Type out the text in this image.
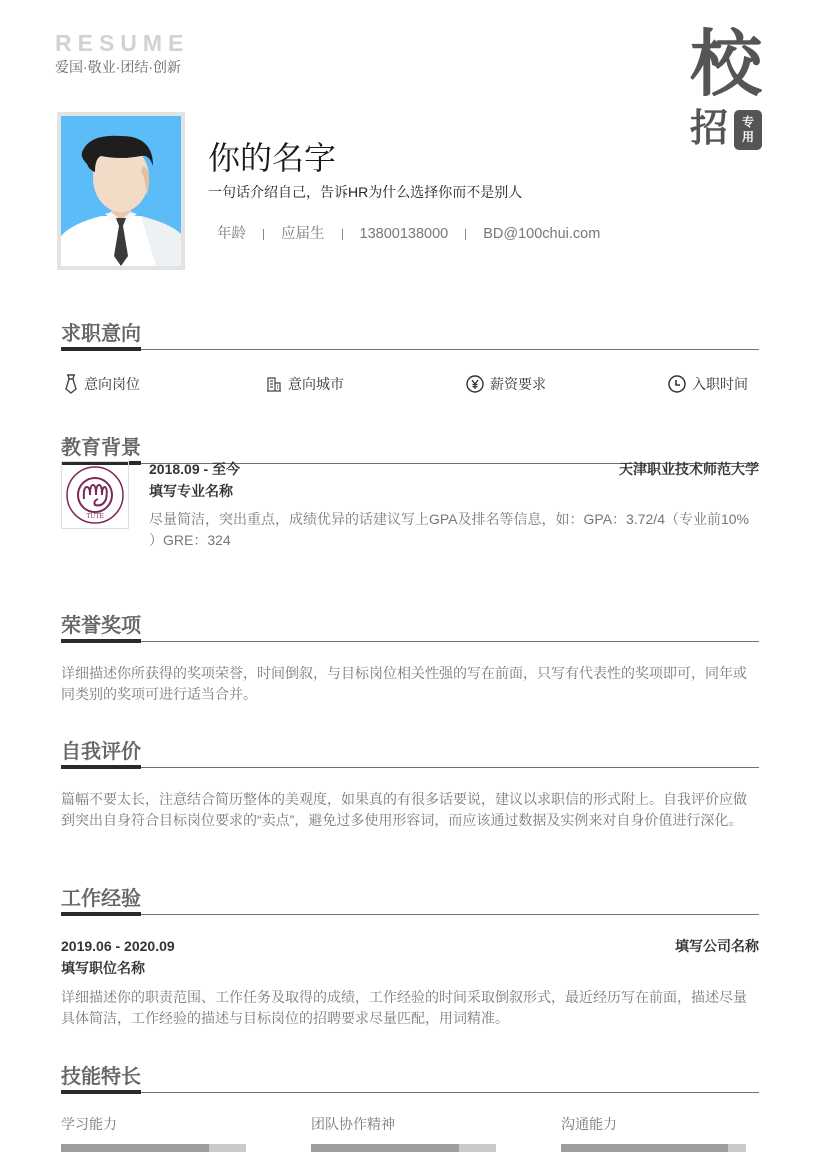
RESUME
爱国·敬业·团结·创新	校
招	专
用
你的名字
一句话介绍自己，告诉HR为什么选择你而不是别人
年龄 应届生 13800138000 BD@100chui.com
求职意向
意向岗位	意向城市	薪资要求	入职时间
教育背景
TUTE
2018.09 - 至今	天津职业技术师范大学
填写专业名称
尽量简洁，突出重点，成绩优异的话建议写上GPA及排名等信息，如：GPA：3.72/4（专业前10% ）GRE：324
荣誉奖项
详细描述你所获得的奖项荣誉，时间倒叙，与目标岗位相关性强的写在前面，只写有代表性的奖项即可，同年或同类别的奖项可进行适当合并。
自我评价
篇幅不要太长，注意结合简历整体的美观度，如果真的有很多话要说，建议以求职信的形式附上。自我评价应做到突出自身符合目标岗位要求的“卖点”，避免过多使用形容词，而应该通过数据及实例来对自身价值进行深化。
工作经验
2019.06 - 2020.09	填写公司名称
填写职位名称
详细描述你的职责范围、工作任务及取得的成绩，工作经验的时间采取倒叙形式，最近经历写在前面，描述尽量具体简洁，工作经验的描述与目标岗位的招聘要求尽量匹配，用词精准。
技能特长
学习能力	团队协作精神	沟通能力
